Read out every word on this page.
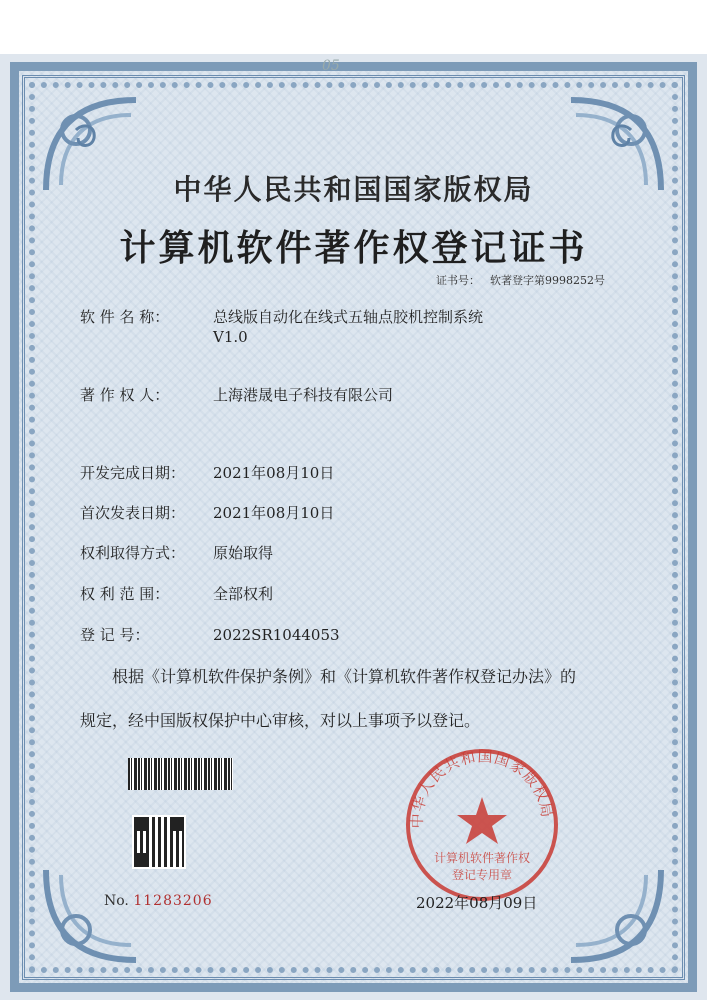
05
中华人民共和国国家版权局
计算机软件著作权登记证书
证书号： 软著登字第9998252号
软 件 名 称：	总线版自动化在线式五轴点胶机控制系统
V1.0
著 作 权 人：	上海港晟电子科技有限公司
开发完成日期： 2021年08月10日
首次发表日期： 2021年08月10日
权利取得方式： 原始取得
权 利 范 围：	全部权利
登 记 号：	2022SR1044053
根据《计算机软件保护条例》和《计算机软件著作权登记办法》的
规定，经中国版权保护中心审核，对以上事项予以登记。
No. 11283206
中华人民共和国国家版权局
计算机软件著作权
登记专用章
2022年08月09日
